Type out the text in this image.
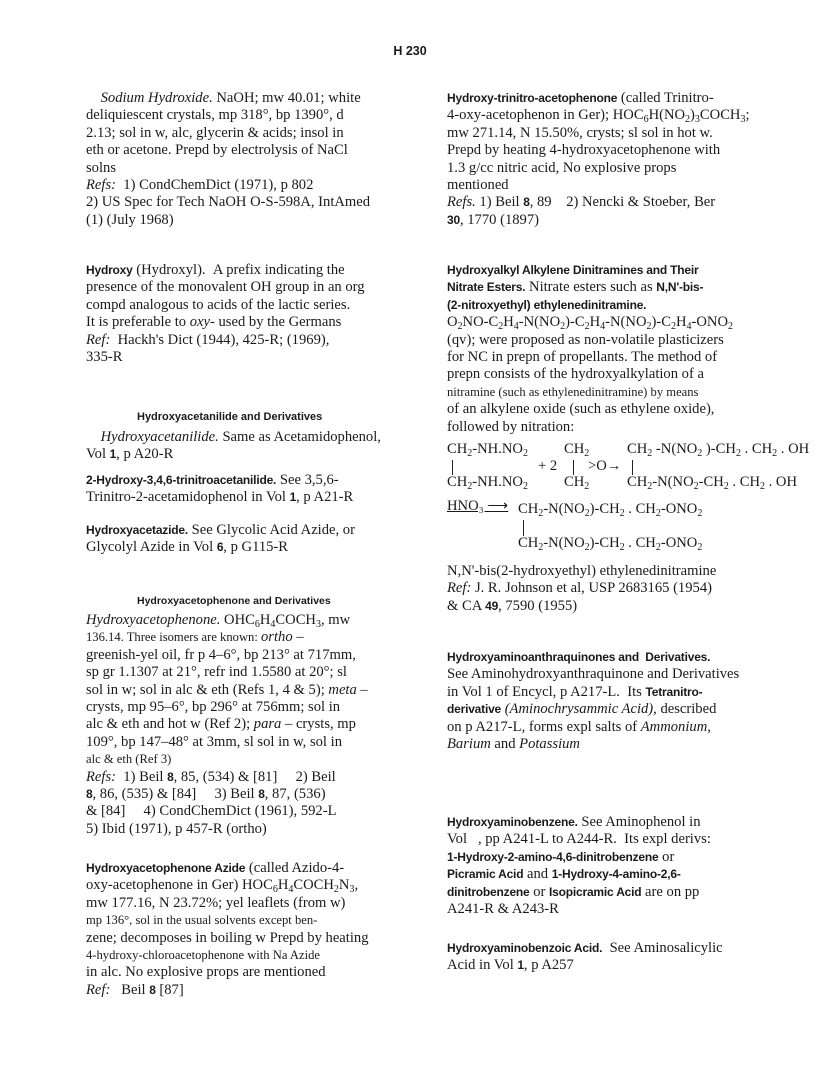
H 230
Sodium Hydroxide. NaOH; mw 40.01; white
deliquiescent crystals, mp 318°, bp 1390°, d
2.13; sol in w, alc, glycerin & acids; insol in
eth or acetone. Prepd by electrolysis of NaCl
solns
Refs:  1) CondChemDict (1971), p 802
2) US Spec for Tech NaOH O-S-598A, IntAmed
(1) (July 1968)
Hydroxy (Hydroxyl).  A prefix indicating the
presence of the monovalent OH group in an org
compd analogous to acids of the lactic series.
It is preferable to oxy- used by the Germans
Ref:  Hackh's Dict (1944), 425-R; (1969),
335-R
Hydroxyacetanilide and Derivatives
Hydroxyacetanilide. Same as Acetamidophenol,
Vol 1, p A20-R
2-Hydroxy-3,4,6-trinitroacetanilide. See 3,5,6-
Trinitro-2-acetamidophenol in Vol 1, p A21-R
Hydroxyacetazide. See Glycolic Acid Azide, or
Glycolyl Azide in Vol 6, p G115-R
Hydroxyacetophenone and Derivatives
Hydroxyacetophenone. $OHC_6H_4COCH_3$, mw
136.14. Three isomers are known: ortho –
greenish-yel oil, fr p 4–6°, bp 213° at 717mm,
sp gr 1.1307 at 21°, refr ind 1.5580 at 20°; sl
sol in w; sol in alc & eth (Refs 1, 4 & 5); meta –
crysts, mp 95–6°, bp 296° at 756mm; sol in
alc & eth and hot w (Ref 2); para – crysts, mp
109°, bp 147–48° at 3mm, sl sol in w, sol in
alc & eth (Ref 3)
Refs:  1) Beil 8, 85, (534) & [81]     2) Beil
8, 86, (535) & [84]     3) Beil 8, 87, (536)
& [84]     4) CondChemDict (1961), 592-L
5) Ibid (1971), p 457-R (ortho)
Hydroxyacetophenone Azide (called Azido-4-
oxy-acetophenone in Ger) $HOC_6H_4COCH_2N_3$,
mw 177.16, N 23.72%; yel leaflets (from w)
mp 136°, sol in the usual solvents except ben-
zene; decomposes in boiling w Prepd by heating
4-hydroxy-chloroacetophenone with Na Azide
in alc. No explosive props are mentioned
Ref:   Beil 8 [87]
Hydroxy-trinitro-acetophenone (called Trinitro-
4-oxy-acetophenon in Ger); $HOC_6H(NO_2)_3COCH_3$;
mw 271.14, N 15.50%, crysts; sl sol in hot w.
Prepd by heating 4-hydroxyacetophenone with
1.3 g/cc nitric acid, No explosive props
mentioned
Refs. 1) Beil 8, 89    2) Nencki & Stoeber, Ber
30, 1770 (1897)
Hydroxyalkyl Alkylene Dinitramines and Their
Nitrate Esters. Nitrate esters such as N,N'-bis-
(2-nitroxyethyl) ethylenedinitramine.
$O_2NO-C_2H_4-N(NO_2)-C_2H_4-N(NO_2)-C_2H_4-ONO_2$
(qv); were proposed as non-volatile plasticizers
for NC in prepn of propellants. The method of
prepn consists of the hydroxyalkylation of a
nitramine (such as ethylenedinitramine) by means
of an alkylene oxide (such as ethylene oxide),
followed by nitration:
$CH_2-NH.NO_2$ $CH_2$	$CH_2$ $-N(NO_2$ )$-CH_2$ . $CH_2$ . OH
+ 2 >O→
$CH_2-NH.NO_2$ $CH_2$	$CH_2-N(NO_2-CH_2$ . $CH_2$ . OH
HNO₃ ⟶ $CH_2-N(NO_2)-CH_2$ . $CH_2-ONO_2$
$CH_2-N(NO_2)-CH_2$ . $CH_2-ONO_2$
N,N'-bis(2-hydroxyethyl) ethylenedinitramine
Ref: J. R. Johnson et al, USP 2683165 (1954)
& CA 49, 7590 (1955)
Hydroxyaminoanthraquinones and  Derivatives.
See Aminohydroxyanthraquinone and Derivatives
in Vol 1 of Encycl, p A217-L.  Its Tetranitro-
derivative (Aminochrysammic Acid), described
on p A217-L, forms expl salts of Ammonium,
Barium and Potassium
Hydroxyaminobenzene. See Aminophenol in
Vol   , pp A241-L to A244-R.  Its expl derivs:
1-Hydroxy-2-amino-4,6-dinitrobenzene or
Picramic Acid and 1-Hydroxy-4-amino-2,6-
dinitrobenzene or Isopicramic Acid are on pp
A241-R & A243-R
Hydroxyaminobenzoic Acid.  See Aminosalicylic
Acid in Vol 1, p A257
